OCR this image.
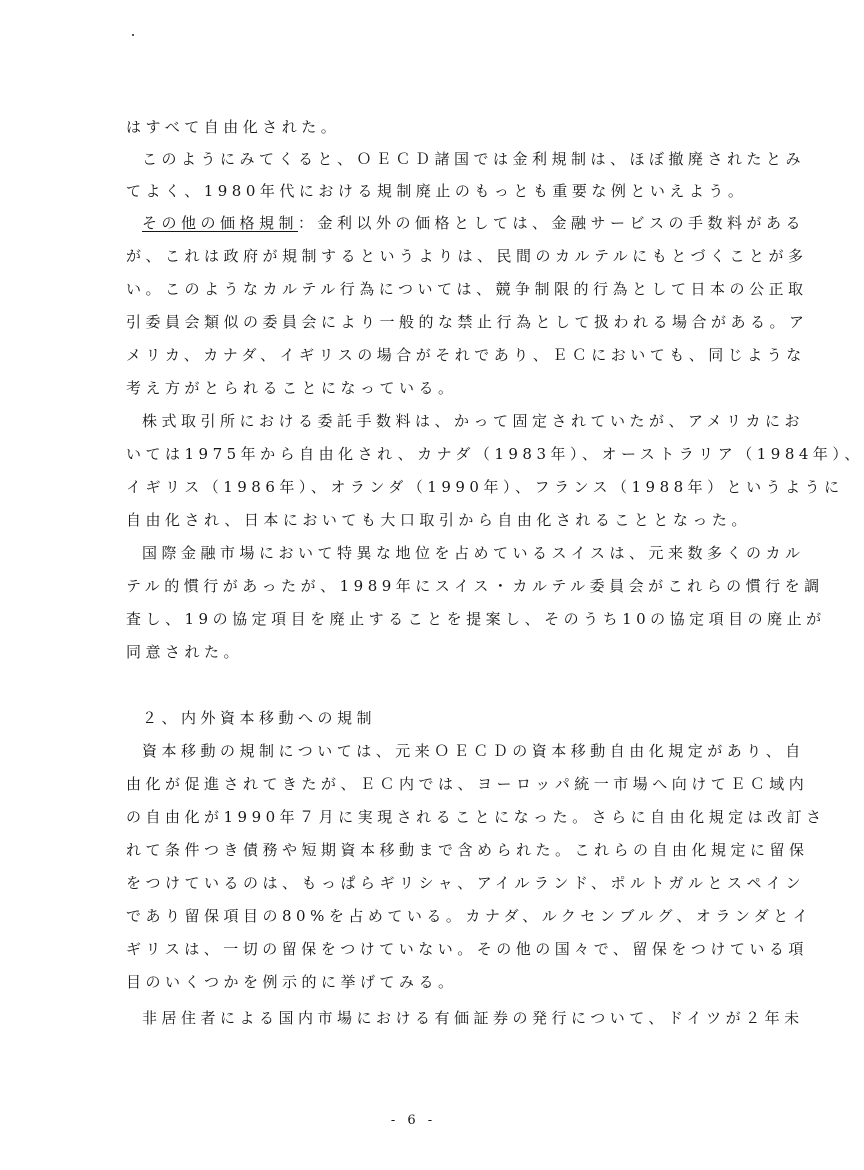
はすべて自由化された。
このようにみてくると、ＯＥＣＤ諸国では金利規制は、ほぼ撤廃されたとみ
てよく、1980年代における規制廃止のもっとも重要な例といえよう。
その他の価格規制：金利以外の価格としては、金融サービスの手数料がある
が、これは政府が規制するというよりは、民間のカルテルにもとづくことが多
い。このようなカルテル行為については、競争制限的行為として日本の公正取
引委員会類似の委員会により一般的な禁止行為として扱われる場合がある。ア
メリカ、カナダ、イギリスの場合がそれであり、ＥＣにおいても、同じような
考え方がとられることになっている。
株式取引所における委託手数料は、かって固定されていたが、アメリカにお
いては1975年から自由化され、カナダ（1983年）、オーストラリア（1984年）、
イギリス（1986年）、オランダ（1990年）、フランス（1988年）というように
自由化され、日本においても大口取引から自由化されることとなった。
国際金融市場において特異な地位を占めているスイスは、元来数多くのカル
テル的慣行があったが、1989年にスイス・カルテル委員会がこれらの慣行を調
査し、19の協定項目を廃止することを提案し、そのうち10の協定項目の廃止が
同意された。
２、内外資本移動への規制
資本移動の規制については、元来ＯＥＣＤの資本移動自由化規定があり、自
由化が促進されてきたが、ＥＣ内では、ヨーロッパ統一市場へ向けてＥＣ域内
の自由化が1990年７月に実現されることになった。さらに自由化規定は改訂さ
れて条件つき債務や短期資本移動まで含められた。これらの自由化規定に留保
をつけているのは、もっぱらギリシャ、アイルランド、ポルトガルとスペイン
であり留保項目の80%を占めている。カナダ、ルクセンブルグ、オランダとイ
ギリスは、一切の留保をつけていない。その他の国々で、留保をつけている項
目のいくつかを例示的に挙げてみる。
非居住者による国内市場における有価証券の発行について、ドイツが２年未
- 6 -
